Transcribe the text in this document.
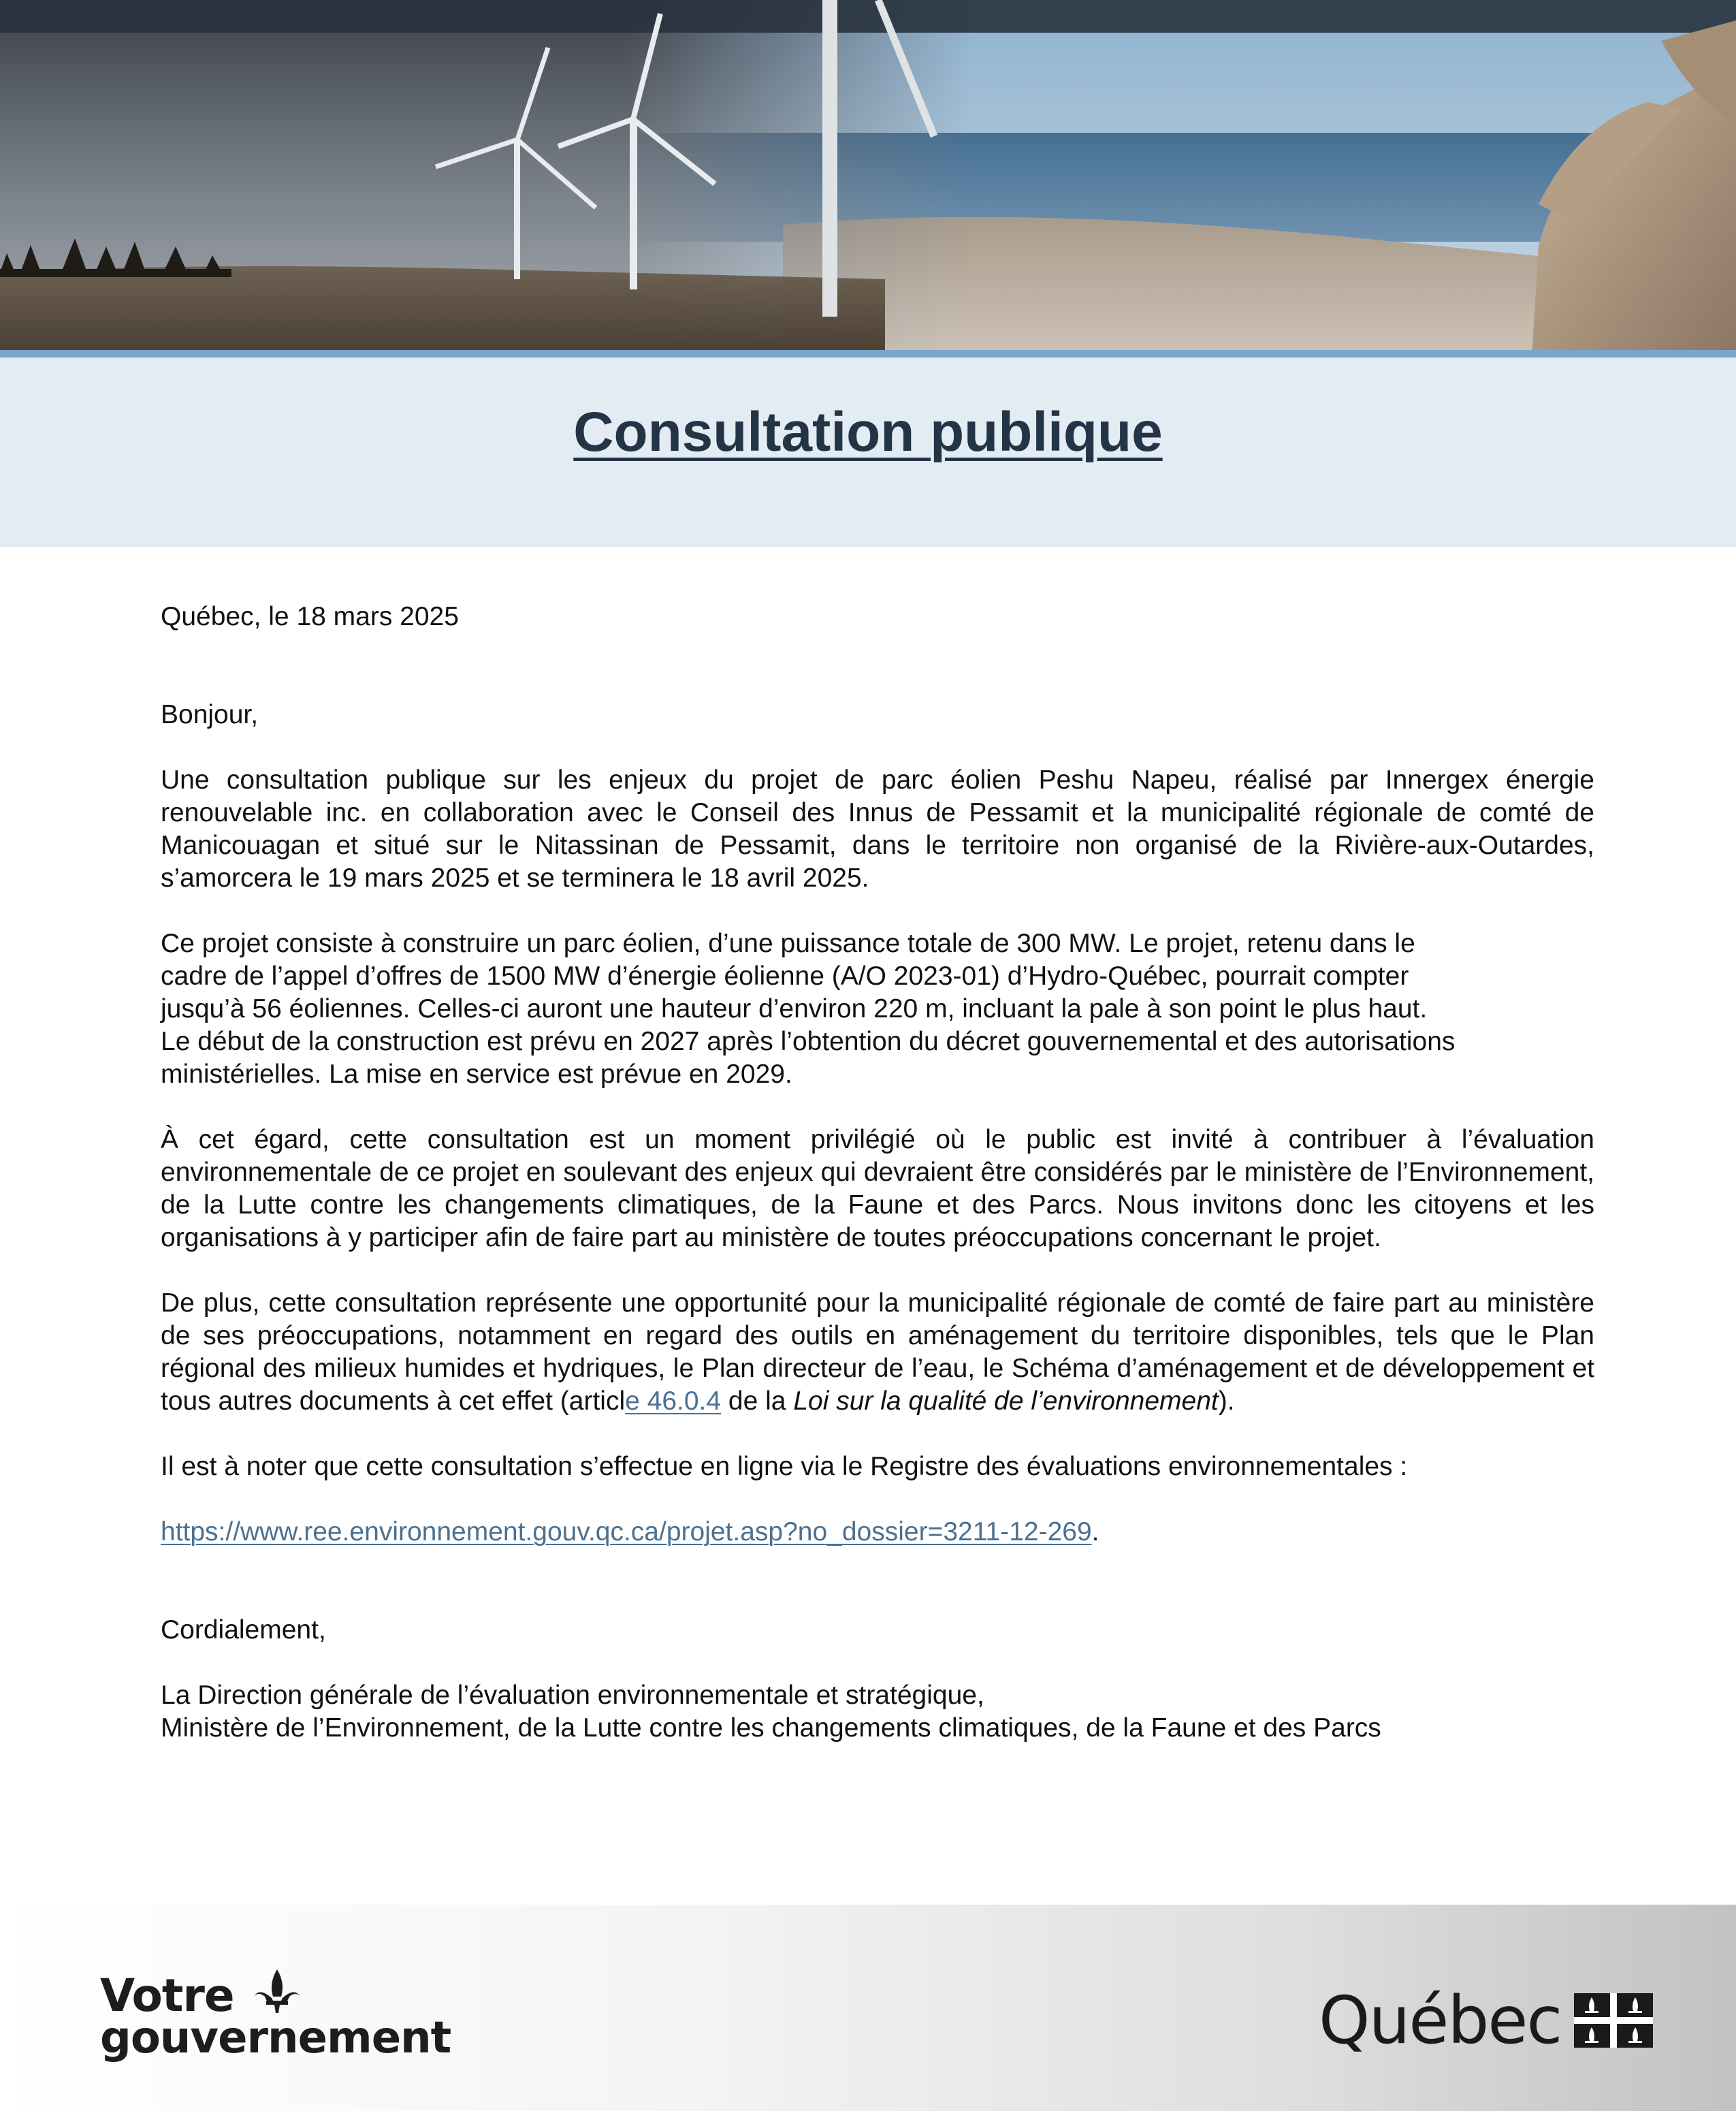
Consultation publique

Québec, le 18 mars 2025

Bonjour,

Une consultation publique sur les enjeux du projet de parc éolien Peshu Napeu, réalisé par Innergex énergie renouvelable inc. en collaboration avec le Conseil des Innus de Pessamit et la municipalité régionale de comté de Manicouagan et situé sur le Nitassinan de Pessamit, dans le territoire non organisé de la Rivière-aux-Outardes, s’amorcera le 19 mars 2025 et se terminera le 18 avril 2025.

Ce projet consiste à construire un parc éolien, d’une puissance totale de 300 MW. Le projet, retenu dans le
cadre de l’appel d’offres de 1500 MW d’énergie éolienne (A/O 2023-01) d’Hydro-Québec, pourrait compter
jusqu’à 56 éoliennes. Celles-ci auront une hauteur d’environ 220 m, incluant la pale à son point le plus haut.
Le début de la construction est prévu en 2027 après l’obtention du décret gouvernemental et des autorisations
ministérielles. La mise en service est prévue en 2029.

À cet égard, cette consultation est un moment privilégié où le public est invité à contribuer à l’évaluation environnementale de ce projet en soulevant des enjeux qui devraient être considérés par le ministère de l’Environnement, de la Lutte contre les changements climatiques, de la Faune et des Parcs. Nous invitons donc les citoyens et les organisations à y participer afin de faire part au ministère de toutes préoccupations concernant le projet.

De plus, cette consultation représente une opportunité pour la municipalité régionale de comté de faire part au ministère de ses préoccupations, notamment en regard des outils en aménagement du territoire disponibles, tels que le Plan régional des milieux humides et hydriques, le Plan directeur de l’eau, le Schéma d’aménagement et de développement et tous autres documents à cet effet (article 46.0.4 de la Loi sur la qualité de l’environnement).

Il est à noter que cette consultation s’effectue en ligne via le Registre des évaluations environnementales :

https://www.ree.environnement.gouv.qc.ca/projet.asp?no_dossier=3211-12-269.

Cordialement,

La Direction générale de l’évaluation environnementale et stratégique,

Ministère de l’Environnement, de la Lutte contre les changements climatiques, de la Faune et des Parcs

Votre
gouvernement	Québec
